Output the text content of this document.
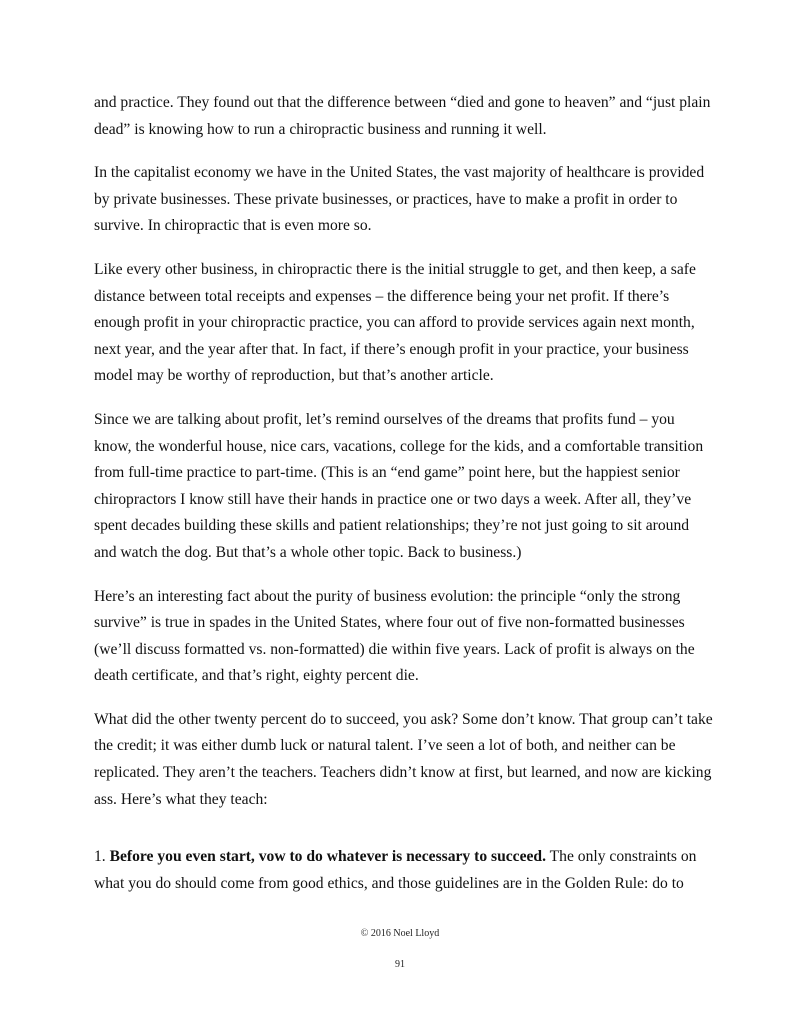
and practice. They found out that the difference between “died and gone to heaven” and “just plain dead” is knowing how to run a chiropractic business and running it well.

In the capitalist economy we have in the United States, the vast majority of healthcare is provided by private businesses. These private businesses, or practices, have to make a profit in order to survive. In chiropractic that is even more so.

Like every other business, in chiropractic there is the initial struggle to get, and then keep, a safe distance between total receipts and expenses – the difference being your net profit. If there’s enough profit in your chiropractic practice, you can afford to provide services again next month, next year, and the year after that. In fact, if there’s enough profit in your practice, your business model may be worthy of reproduction, but that’s another article.

Since we are talking about profit, let’s remind ourselves of the dreams that profits fund – you know, the wonderful house, nice cars, vacations, college for the kids, and a comfortable transition from full-time practice to part-time. (This is an “end game” point here, but the happiest senior chiropractors I know still have their hands in practice one or two days a week. After all, they’ve spent decades building these skills and patient relationships; they’re not just going to sit around and watch the dog. But that’s a whole other topic. Back to business.)

Here’s an interesting fact about the purity of business evolution: the principle “only the strong survive” is true in spades in the United States, where four out of five non-formatted businesses (we’ll discuss formatted vs. non-formatted) die within five years. Lack of profit is always on the death certificate, and that’s right, eighty percent die.

What did the other twenty percent do to succeed, you ask? Some don’t know. That group can’t take the credit; it was either dumb luck or natural talent. I’ve seen a lot of both, and neither can be replicated. They aren’t the teachers. Teachers didn’t know at first, but learned, and now are kicking ass. Here’s what they teach:

1. Before you even start, vow to do whatever is necessary to succeed. The only constraints on what you do should come from good ethics, and those guidelines are in the Golden Rule: do to

© 2016 Noel Lloyd
91
